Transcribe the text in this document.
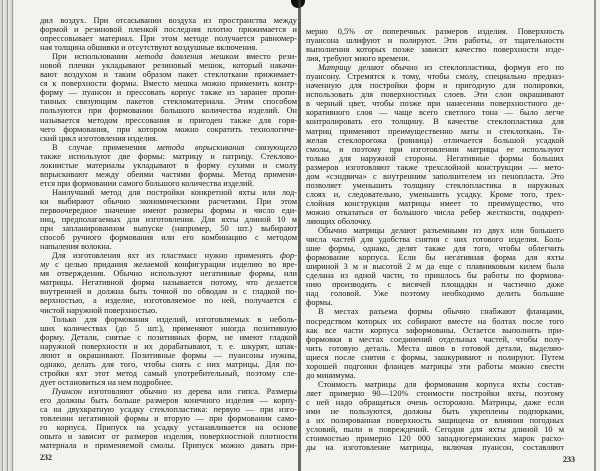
дил воздух. При отсасывании воздуха из пространства между
формой и резиновой пленкой последняя плотно прижимается и
опрессовывает материал. При этом методе получается равномер-
ная толщина обшивки и отсутствуют воздушные включения.
При использовании метода давления мешком вместо рези-
новой пленки укладывают резиновый мешок, который накачи-
вают воздухом и таким образом пакет стеклоткани прижимает-
ся к поверхности формы. Вместо мешка можно применить контр-
форму — пуансон и прессовать корпус также из заранее пропи-
танных связующим пакетов стекломатериала. Этим способом
пользуются при формовании большого количества изделий. Он
называется методом прессования и пригоден также для горя-
чего формования, при котором можно сократить технологиче-
ский цикл изготовления изделия.
В случае применения метода впрыскивания связующего
также используют две формы: матрицу и патрицу. Стекловo-
локнистые материалы укладывают в форму сухими и смолу
впрыскивают между обеими частями формы. Метод применя-
ется при формовании самого большого количества изделий.
Наилучший метод для постройки конкретной яхты или лод-
ки выбирают обычно экономическими расчетами. При этом
первоочередное значение имеют размеры формы и число еди-
ниц, предполагаемых для изготовления. Для яхты длиной 10 м
при запланированном выпуске (например, 50 шт.) выбирают
способ ручного формования или его комбинацию с методом
напыления волокна.
Для изготовления яхт из пластмасс нужно применять фор-
му с целью придания желаемой конфигурации изделию во вре-
мя отверждения. Обычно используют негативные формы, или
матрицы. Негативной форма называется потому, что делается
внутренней и должна быть точной по обводам и с гладкой по-
верхностью, а изделие, изготовляемое по ней, получается с
чистой наружной поверхностью.
Только для формования изделий, изготовляемых в неболь-
ших количествах (до 5 шт.), применяют иногда позитивную
форму. Детали, снятые с позитивных форм, не имеют гладкой
наружной поверхности и их дорабатывают, т. е. шкурят, шпак-
люют и окрашивают. Позитивные формы — пуансоны нужны,
однако, делать для того, чтобы снять с них матрицы. Для по-
стройки яхт этот метод самый употребительный, поэтому сле-
дует остановиться на нем подробнее.
Пуансон изготовляют обычно из дерева или гипса. Размеры
его должны быть больше размеров конечного изделия — корпу-
са на двухкратную усадку стеклопластика: первую — при изго-
товлении негативной формы и вторую — при формовании само-
го корпуса. Припуск на усадку устанавливается на основе
опыта и зависит от размеров изделия, поверхностной плотности
материала и применяемой смолы. Припуск можно давать при-
мерно 0,5% от поперечных размеров изделия. Поверхность
пуансона шлифуют и полируют. Эти работы, от тщательности
выполнения которых позже зависит качество поверхности изде-
лия, требуют много времени.
Матрицу делают обычно из стеклопластика, формуя его по
пуансону. Стремятся к тому, чтобы смолу, специально предназ-
наченную для постройки форм и пригодную для полировки,
использовать для поверхностных слоев. Эти слои окрашивают
в черный цвет, чтобы позже при нанесении поверхностного де-
коративного слоя — чаще всего светлого тона — было легче
контролировать его толщину. В качестве стеклопластика для
матриц применяют преимущественно маты и стеклоткань. Тя-
желая стеклорогожа (ровница) отличается большой усадкой
смолы, и поэтому при изготовлении матрицы ее используют
только для наружной стороны. Негативные формы больших
размеров изготовляют также трехслойной конструкции — мето-
дом «сэндвича» с внутренним заполнителем из пенопласта. Это
позволяет уменьшить толщину стеклопластика в наружных
слоях и, следовательно, уменьшить усадку. Кроме того, трех-
слойная конструкция матрицы имеет то преимущество, что
можно отказаться от большого числа ребер жесткости, подкреп-
ляющих оболочку.
Обычно матрицы делают разъемными из двух или большего
числа частей для удобства снятия с них готового изделия. Боль-
шие формы, однако, делят также для того, чтобы облегчить
формование корпуса. Если бы негативная форма для яхты
шириной 3 м и высотой 2 м да еще с плавниковым килем была
сделана из одной части, то пришлось бы работы по формова-
нию производить с висячей площадки и частично даже
над головой. Уже поэтому необходимо делить большие
формы.
В местах разъема формы обычно снабжают фланцами,
посредством которых их собирают вместе на болтах после того
как все части корпуса заформованы. Остается выполнить при-
формовки в местах соединений отдельных частей, чтобы полу-
чить готовую деталь. Места швов в готовой детали, выделяю-
щиеся после снятия с формы, зашкуривают и полируют. Путем
хорошей подгонки фланцев матрицы эти работы можно свести
до минимума.
Стоимость матрицы для формования корпуса яхты состав-
ляет примерно 90—120% стоимости постройки яхты, поэтому
с ней надо обращаться очень осторожно. Матрицы, даже если
ими не пользуются, должны быть укреплены подпорками,
а их полированная поверхность защищена от влияния погодных
условий, пыли и повреждений. Сегодня для яхты длиной 10 м
стоимостью примерно 120 000 западногерманских марок расхо-
ды на изготовление матрицы, включая пуансон, составляют
232	233
